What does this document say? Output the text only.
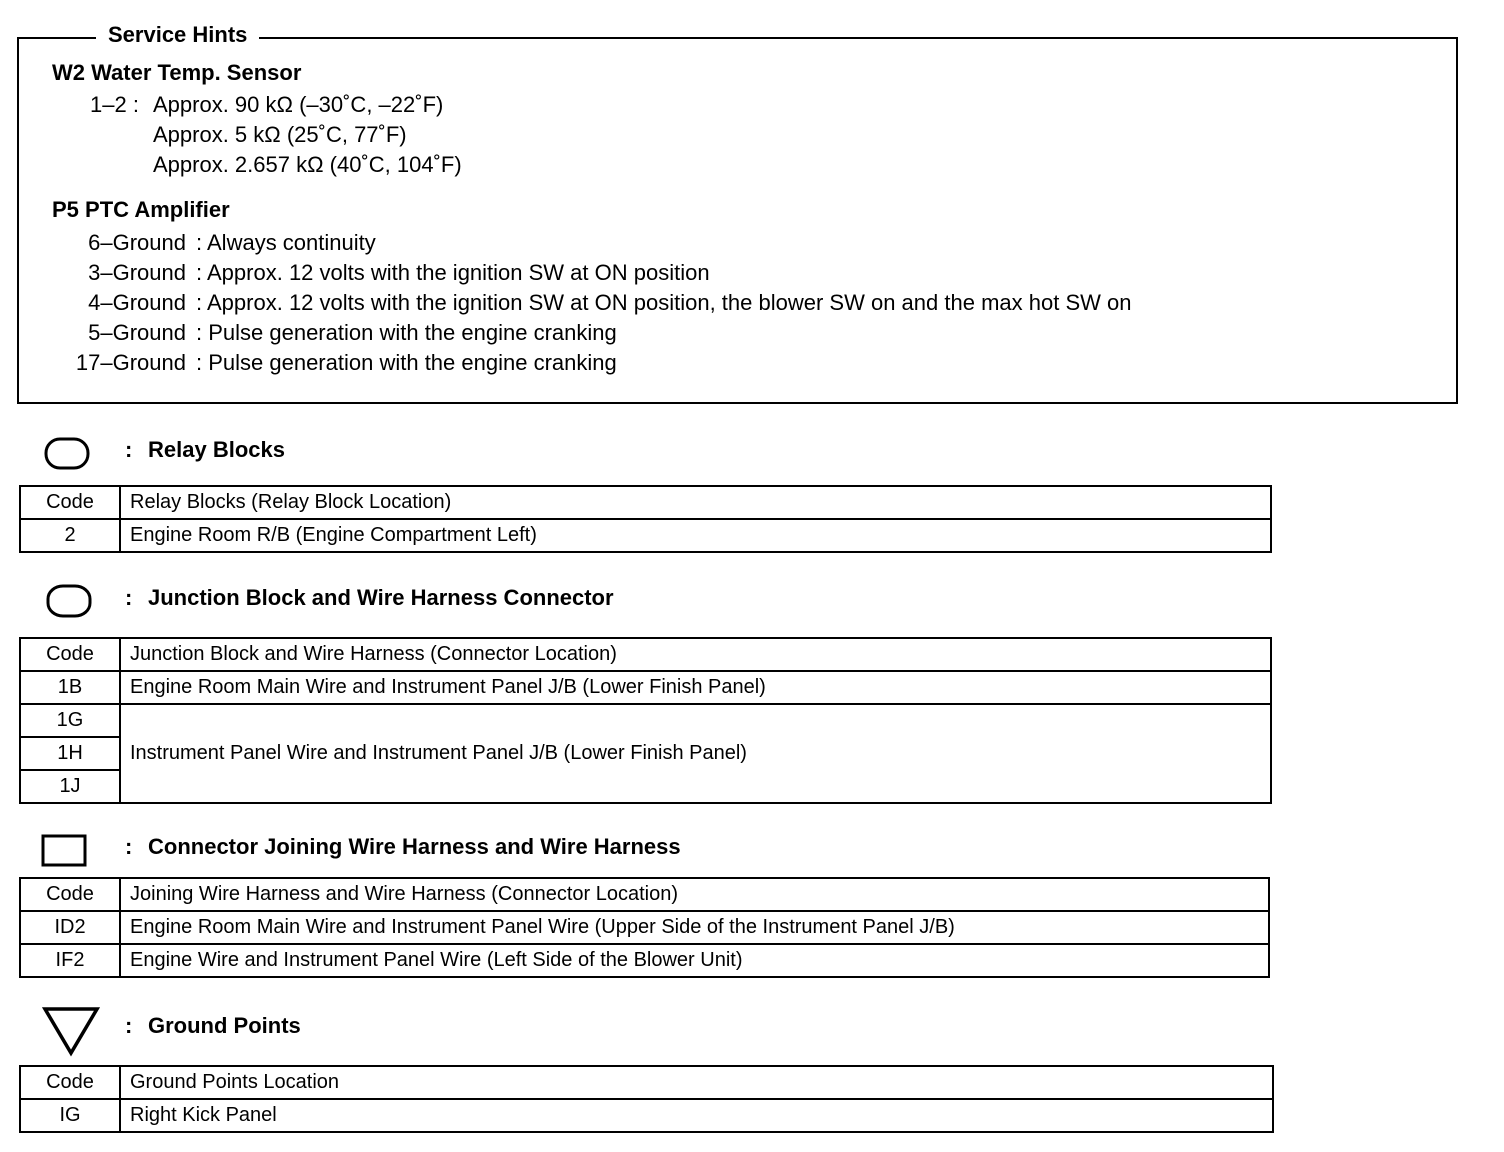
Service Hints
W2 Water Temp. Sensor
1–2 : Approx. 90 kΩ (–30˚C, –22˚F)
Approx. 5 kΩ (25˚C, 77˚F)
Approx. 2.657 kΩ (40˚C, 104˚F)
P5 PTC Amplifier
6–Ground : Always continuity
3–Ground : Approx. 12 volts with the ignition SW at ON position
4–Ground : Approx. 12 volts with the ignition SW at ON position, the blower SW on and the max hot SW on
5–Ground : Pulse generation with the engine cranking
17–Ground : Pulse generation with the engine cranking
: Relay Blocks
Code	Relay Blocks (Relay Block Location)
2	Engine Room R/B (Engine Compartment Left)
: Junction Block and Wire Harness Connector
Code	Junction Block and Wire Harness (Connector Location)
1B	Engine Room Main Wire and Instrument Panel J/B (Lower Finish Panel)
1G	Instrument Panel Wire and Instrument Panel J/B (Lower Finish Panel)
1H	
1J	
: Connector Joining Wire Harness and Wire Harness
Code	Joining Wire Harness and Wire Harness (Connector Location)
ID2	Engine Room Main Wire and Instrument Panel Wire (Upper Side of the Instrument Panel J/B)
IF2	Engine Wire and Instrument Panel Wire (Left Side of the Blower Unit)
: Ground Points
Code	Ground Points Location
IG	Right Kick Panel
